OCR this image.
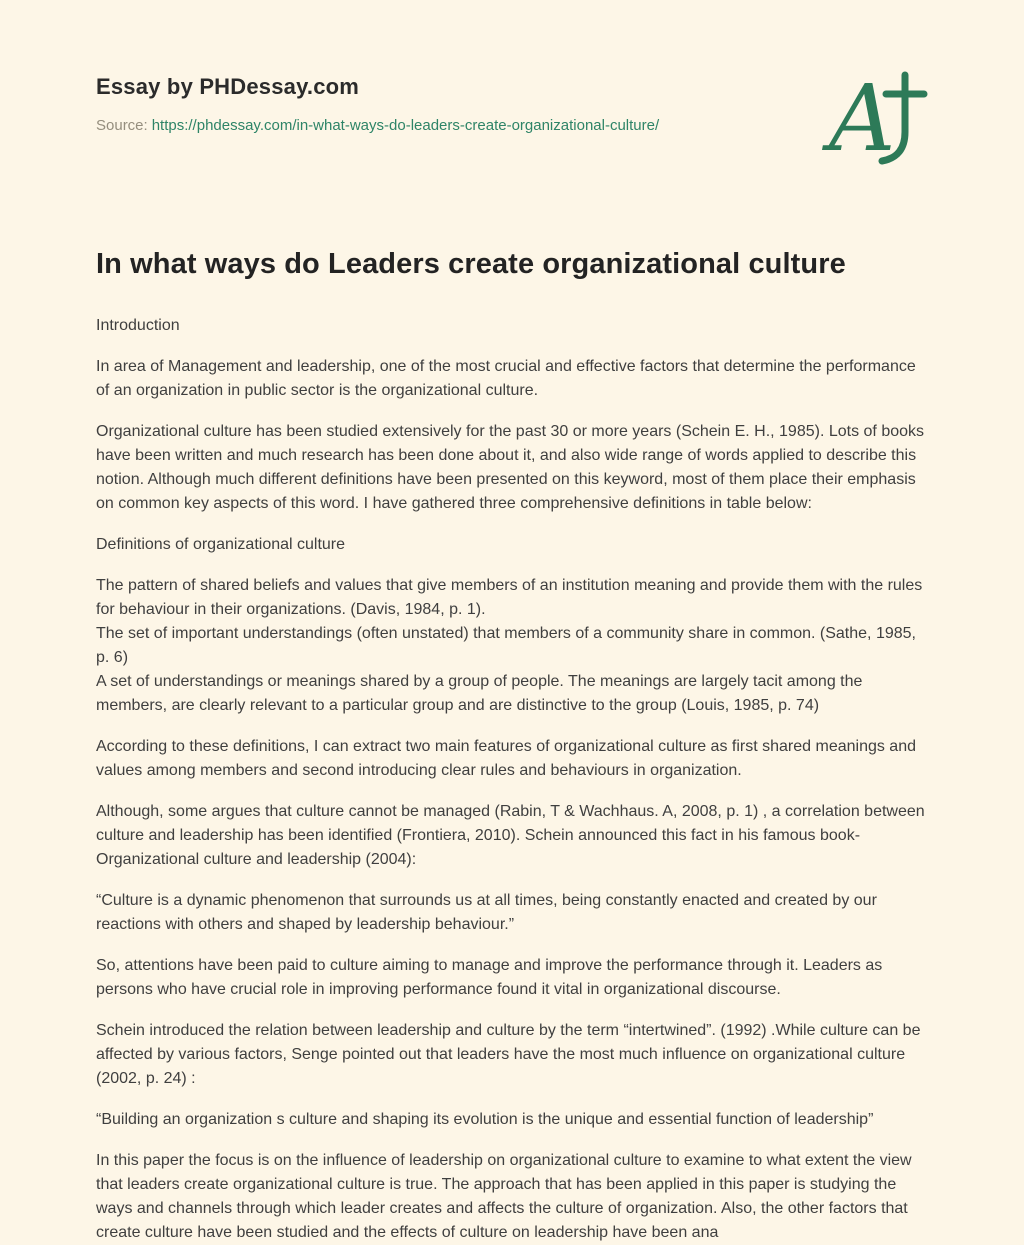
Essay by PHDessay.com
Source: https://phdessay.com/in-what-ways-do-leaders-create-organizational-culture/ A
In what ways do Leaders create organizational culture

Introduction

In area of Management and leadership, one of the most crucial and effective factors that determine the performance of an organization in public sector is the organizational culture.

Organizational culture has been studied extensively for the past 30 or more years (Schein E. H., 1985). Lots of books have been written and much research has been done about it, and also wide range of words applied to describe this notion. Although much different definitions have been presented on this keyword, most of them place their emphasis on common key aspects of this word. I have gathered three comprehensive definitions in table below:

Definitions of organizational culture

The pattern of shared beliefs and values that give members of an institution meaning and provide them with the rules for behaviour in their organizations. (Davis, 1984, p. 1).

The set of important understandings (often unstated) that members of a community share in common. (Sathe, 1985, p. 6)

A set of understandings or meanings shared by a group of people. The meanings are largely tacit among the members, are clearly relevant to a particular group and are distinctive to the group (Louis, 1985, p. 74)

According to these definitions, I can extract two main features of organizational culture as first shared meanings and values among members and second introducing clear rules and behaviours in organization.

Although, some argues that culture cannot be managed (Rabin, T & Wachhaus. A, 2008, p. 1) , a correlation between culture and leadership has been identified (Frontiera, 2010). Schein announced this fact in his famous book-Organizational culture and leadership (2004):

“Culture is a dynamic phenomenon that surrounds us at all times, being constantly enacted and created by our reactions with others and shaped by leadership behaviour.”

So, attentions have been paid to culture aiming to manage and improve the performance through it. Leaders as persons who have crucial role in improving performance found it vital in organizational discourse.

Schein introduced the relation between leadership and culture by the term “intertwined”. (1992) .While culture can be affected by various factors, Senge pointed out that leaders have the most much influence on organizational culture (2002, p. 24) :

“Building an organization s culture and shaping its evolution is the unique and essential function of leadership”

In this paper the focus is on the influence of leadership on organizational culture to examine to what extent the view that leaders create organizational culture is true. The approach that has been applied in this paper is studying the ways and channels through which leader creates and affects the culture of organization. Also, the other factors that create culture have been studied and the effects of culture on leadership have been ana
